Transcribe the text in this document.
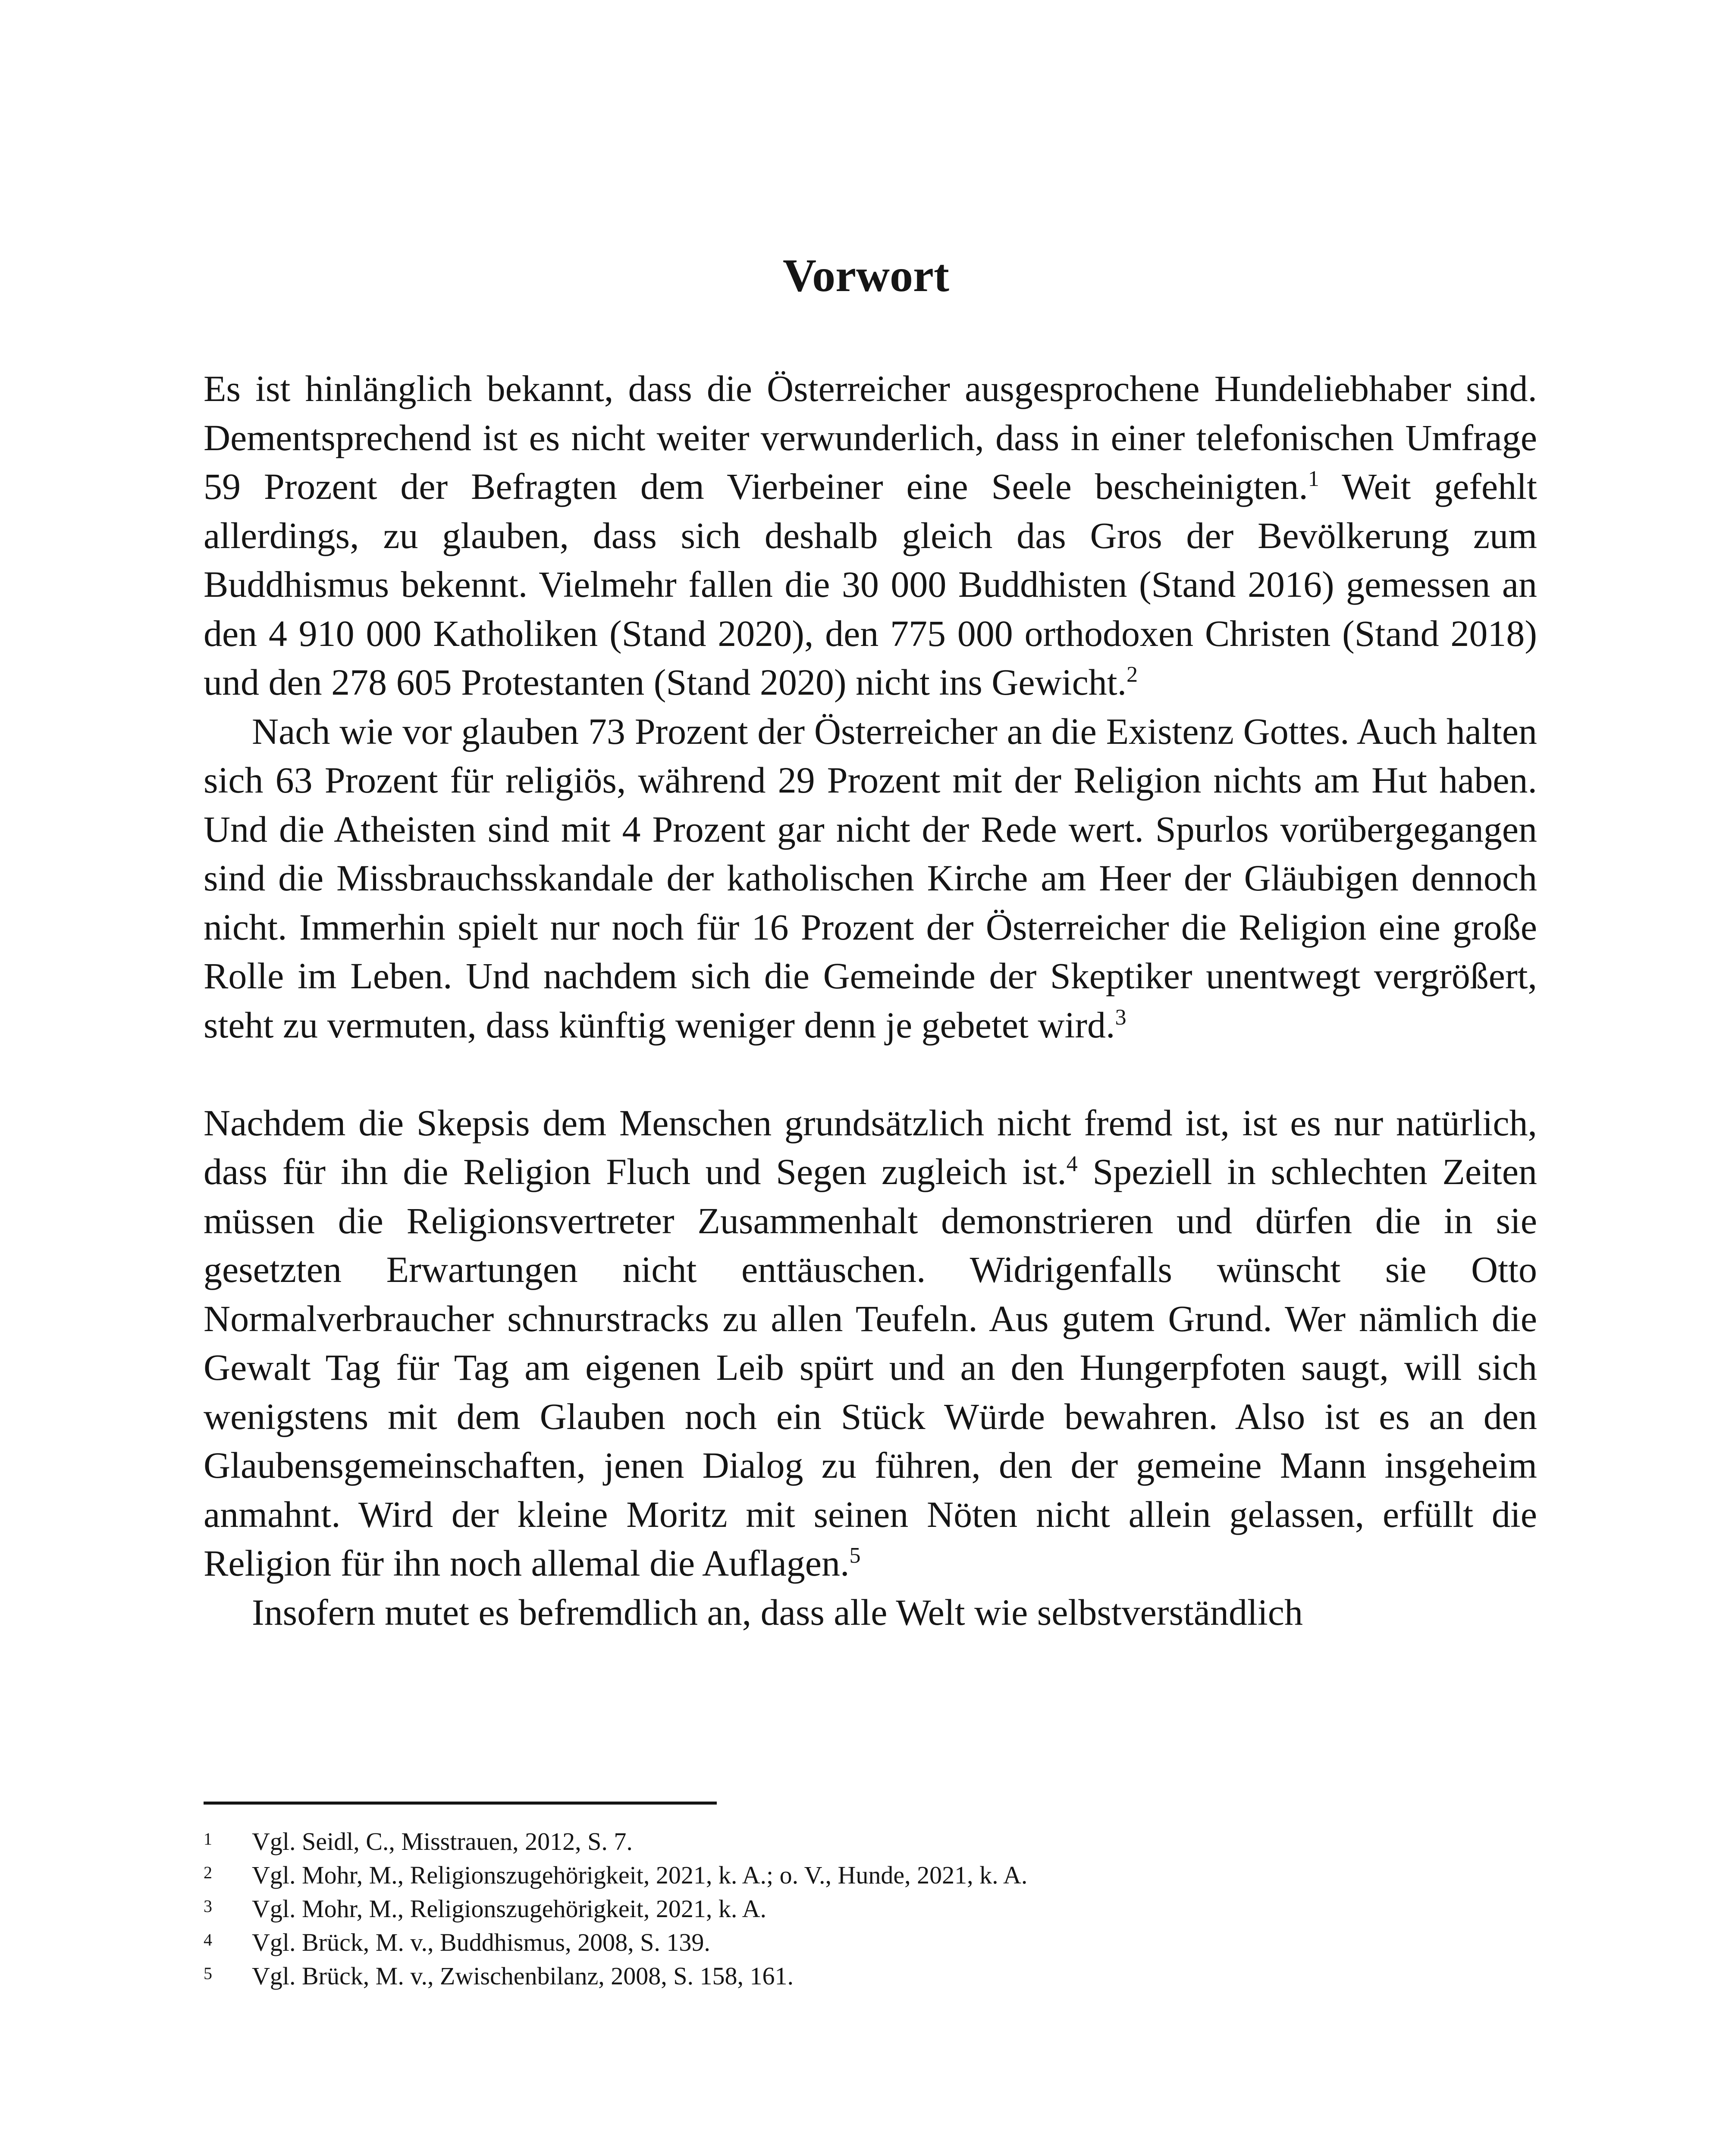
Vorwort

Es ist hinlänglich bekannt, dass die Österreicher ausgesprochene Hundeliebhaber sind. Dementsprechend ist es nicht weiter verwunderlich, dass in einer telefonischen Umfrage 59 Prozent der Befragten dem Vierbeiner eine Seele bescheinigten.$^1$ Weit gefehlt allerdings, zu glauben, dass sich deshalb gleich das Gros der Bevölkerung zum Buddhismus bekennt. Vielmehr fallen die 30 000 Buddhisten (Stand 2016) gemessen an den 4 910 000 Katholiken (Stand 2020), den 775 000 orthodoxen Christen (Stand 2018) und den 278 605 Protestanten (Stand 2020) nicht ins Gewicht.$^2$

Nach wie vor glauben 73 Prozent der Österreicher an die Existenz Gottes. Auch halten sich 63 Prozent für religiös, während 29 Prozent mit der Religion nichts am Hut haben. Und die Atheisten sind mit 4 Prozent gar nicht der Rede wert. Spurlos vorübergegangen sind die Missbrauchsskandale der katholischen Kirche am Heer der Gläubigen dennoch nicht. Immerhin spielt nur noch für 16 Prozent der Österreicher die Religion eine große Rolle im Leben. Und nachdem sich die Gemeinde der Skeptiker unentwegt vergrößert, steht zu vermuten, dass künftig weniger denn je gebetet wird.$^3$

Nachdem die Skepsis dem Menschen grundsätzlich nicht fremd ist, ist es nur natürlich, dass für ihn die Religion Fluch und Segen zugleich ist.$^4$ Speziell in schlechten Zeiten müssen die Religionsvertreter Zusammenhalt demonstrieren und dürfen die in sie gesetzten Erwartungen nicht enttäuschen. Widrigenfalls wünscht sie Otto Normalverbraucher schnurstracks zu allen Teufeln. Aus gutem Grund. Wer nämlich die Gewalt Tag für Tag am eigenen Leib spürt und an den Hungerpfoten saugt, will sich wenigstens mit dem Glauben noch ein Stück Würde bewahren. Also ist es an den Glaubensgemeinschaften, jenen Dialog zu führen, den der gemeine Mann insgeheim anmahnt. Wird der kleine Moritz mit seinen Nöten nicht allein gelassen, erfüllt die Religion für ihn noch allemal die Auflagen.$^5$

Insofern mutet es befremdlich an, dass alle Welt wie selbstverständlich

1 Vgl. Seidl, C., Misstrauen, 2012, S. 7.
2 Vgl. Mohr, M., Religionszugehörigkeit, 2021, k. A.; o. V., Hunde, 2021, k. A.
3 Vgl. Mohr, M., Religionszugehörigkeit, 2021, k. A.
4 Vgl. Brück, M. v., Buddhismus, 2008, S. 139.
5 Vgl. Brück, M. v., Zwischenbilanz, 2008, S. 158, 161.
